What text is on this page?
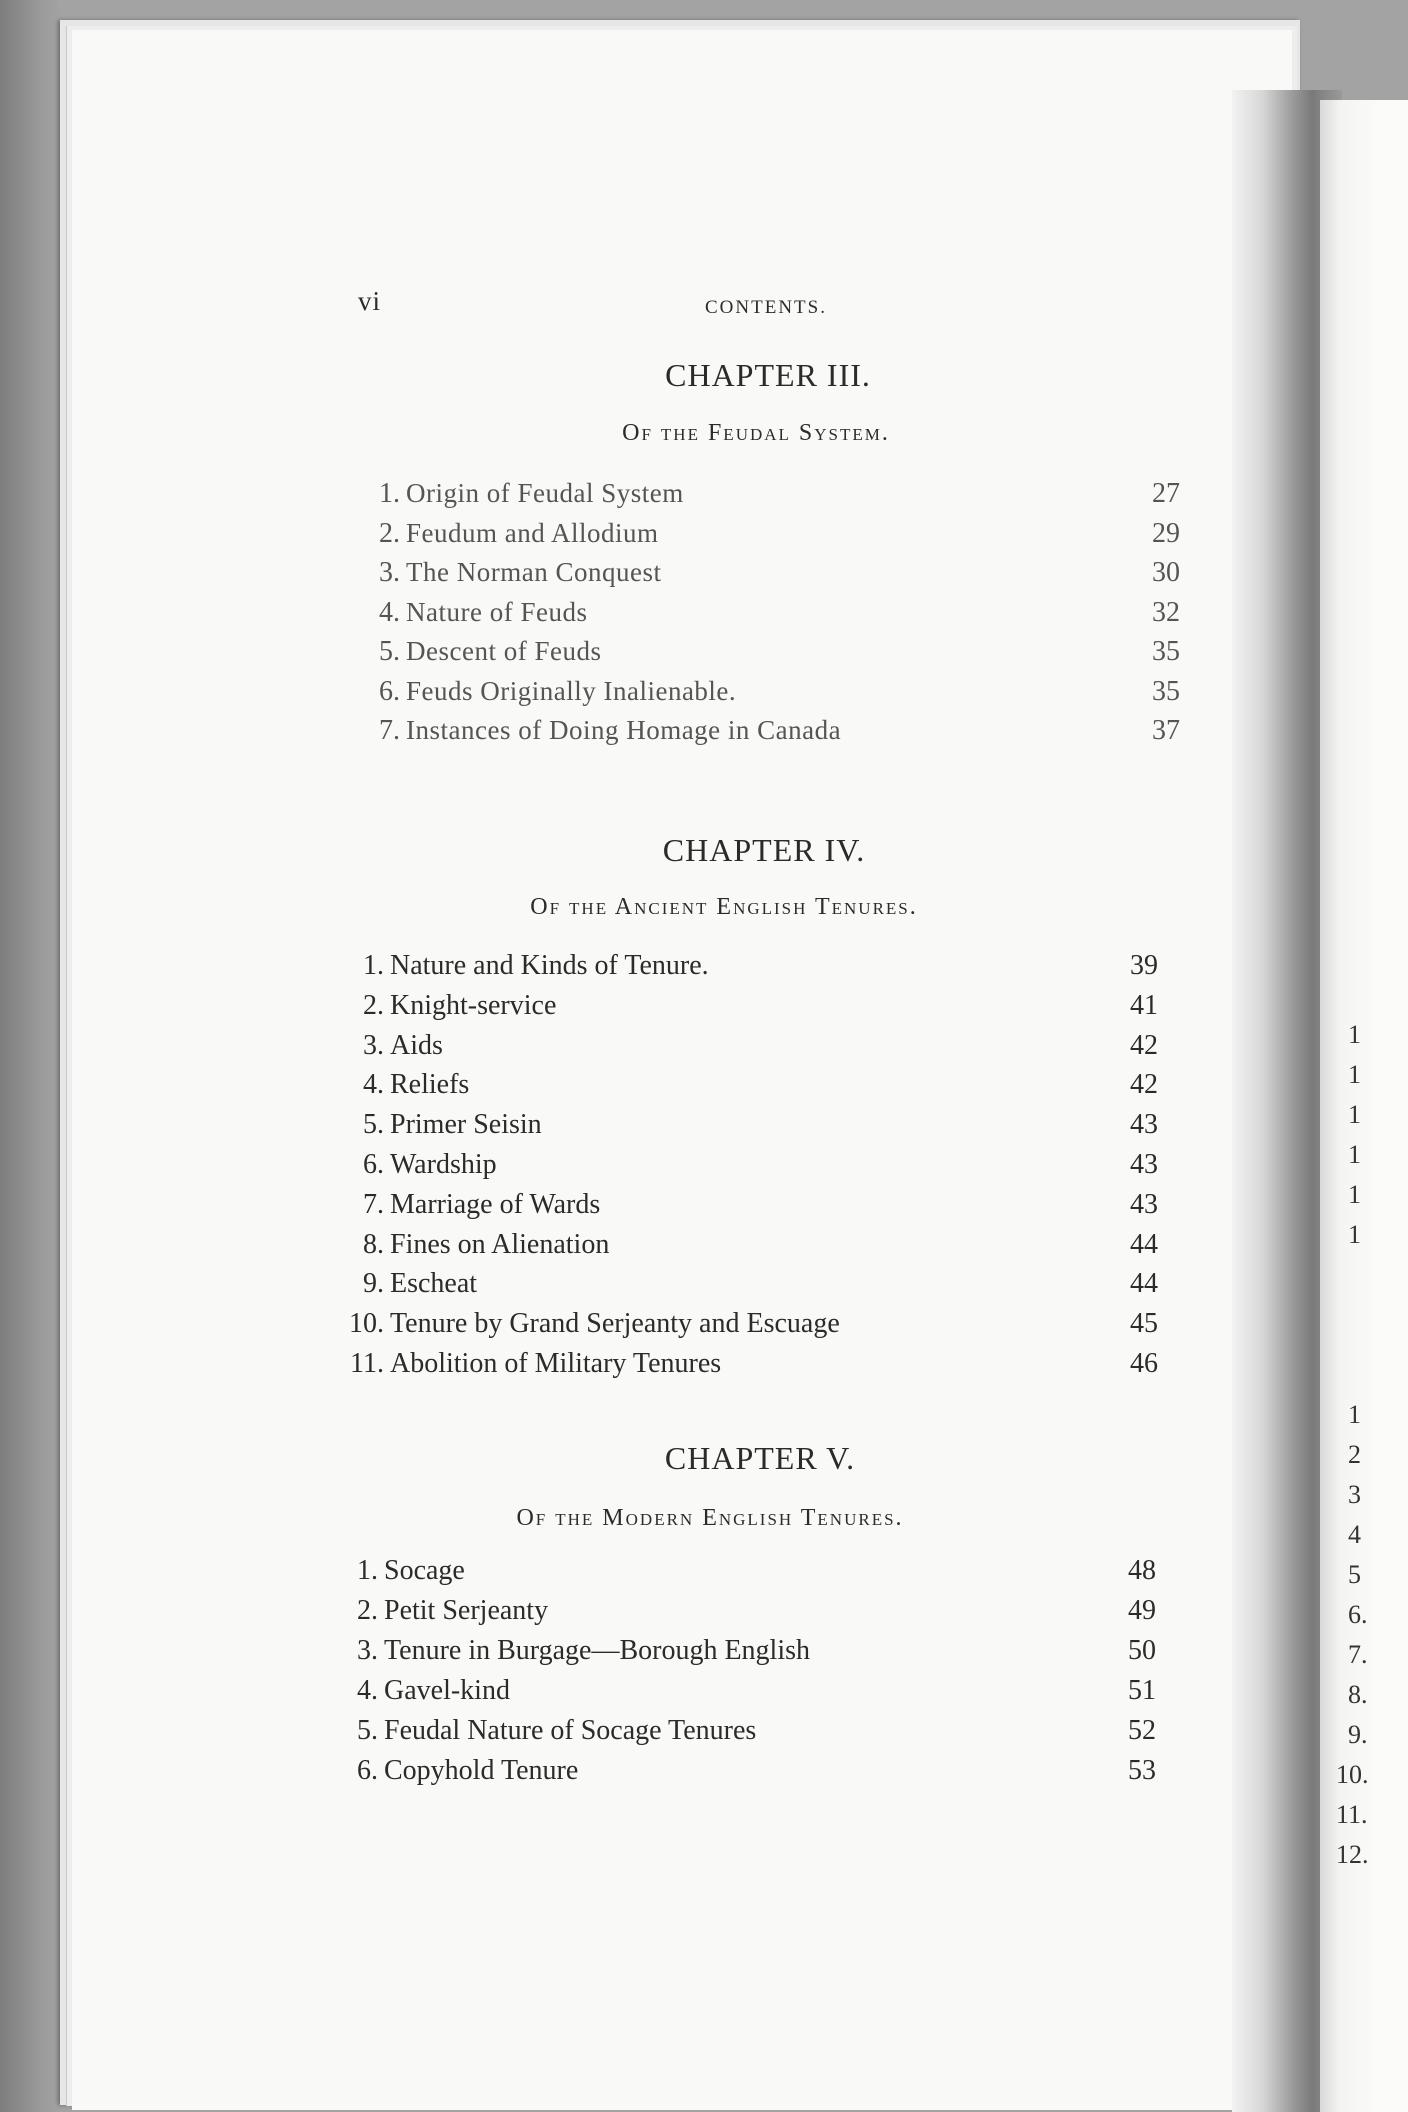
1
1
1
1
1
1
1
2
3
4
5
6.
7.
8.
9.
10.
11.
12.
vi	CONTENTS.
CHAPTER III.
Of the Feudal System.
1. Origin of Feudal System	27
2. Feudum and Allodium	29
3. The Norman Conquest	30
4. Nature of Feuds	32
5. Descent of Feuds	35
6. Feuds Originally Inalienable.	35
7. Instances of Doing Homage in Canada	37
CHAPTER IV.
Of the Ancient English Tenures.
1. Nature and Kinds of Tenure.	39
2. Knight-service	41
3. Aids	42
4. Reliefs	42
5. Primer Seisin	43
6. Wardship	43
7. Marriage of Wards	43
8. Fines on Alienation	44
9. Escheat	44
10. Tenure by Grand Serjeanty and Escuage	45
11. Abolition of Military Tenures	46
CHAPTER V.
Of the Modern English Tenures.
1. Socage	48
2. Petit Serjeanty	49
3. Tenure in Burgage—Borough English	50
4. Gavel-kind	51
5. Feudal Nature of Socage Tenures	52
6. Copyhold Tenure	53
